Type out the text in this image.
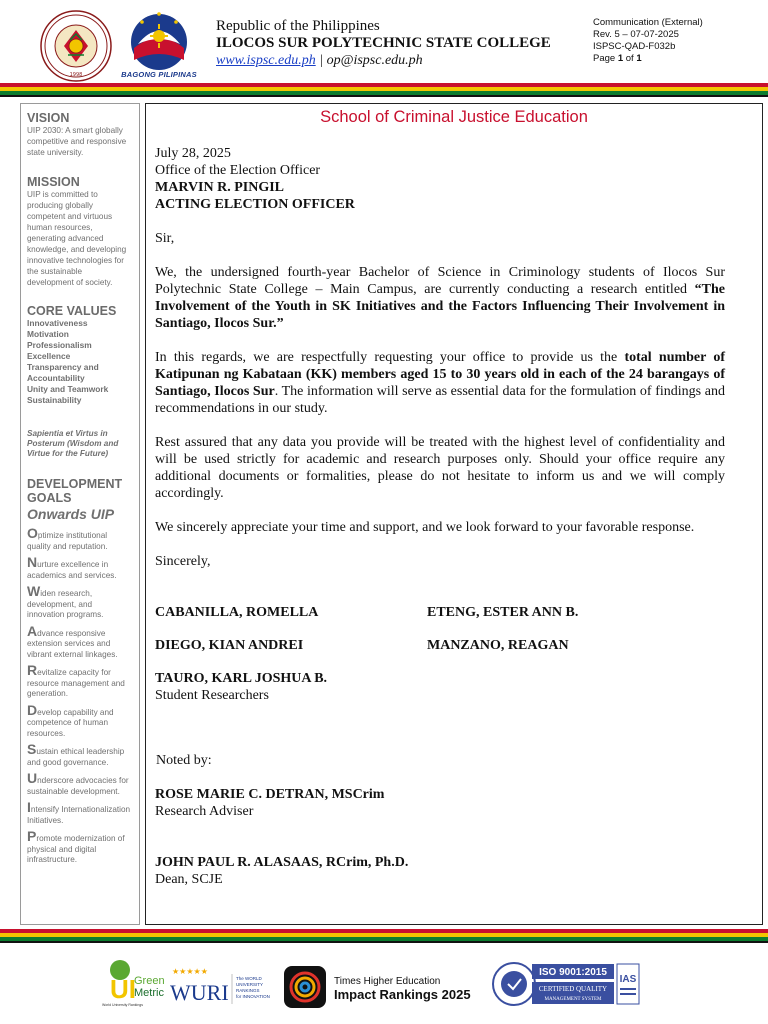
1998	BAGONG PILIPINAS
Republic of the Philippines
ILOCOS SUR POLYTECHNIC STATE COLLEGE
www.ispsc.edu.ph | op@ispsc.edu.ph
Communication (External)
Rev. 5 – 07-07-2025
ISPSC-QAD-F032b
Page 1 of 1
VISION
UIP 2030: A smart globally competitive and responsive state university.
MISSION
UIP is committed to producing globally competent and virtuous human resources, generating advanced knowledge, and developing innovative technologies for the sustainable development of society.
CORE VALUES
Innovativeness
Motivation
Professionalism
Excellence
Transparency and Accountability
Unity and Teamwork
Sustainability
Sapientia et Virtus in Posterum (Wisdom and Virtue for the Future)
DEVELOPMENT GOALS
Onwards UIP
Optimize institutional quality and reputation.
Nurture excellence in academics and services.
Widen research, development, and innovation programs.
Advance responsive extension services and vibrant external linkages.
Revitalize capacity for resource management and generation.
Develop capability and competence of human resources.
Sustain ethical leadership and good governance.
Underscore advocacies for sustainable development.
Intensify Internationalization Initiatives.
Promote modernization of physical and digital infrastructure.
School of Criminal Justice Education

July 28, 2025

Office of the Election Officer

MARVIN R. PINGIL

ACTING ELECTION OFFICER

Sir,

We, the undersigned fourth-year Bachelor of Science in Criminology students of Ilocos Sur Polytechnic State College – Main Campus, are currently conducting a research entitled “The Involvement of the Youth in SK Initiatives and the Factors Influencing Their Involvement in Santiago, Ilocos Sur.”

In this regards, we are respectfully requesting your office to provide us the total number of Katipunan ng Kabataan (KK) members aged 15 to 30 years old in each of the 24 barangays of Santiago, Ilocos Sur. The information will serve as essential data for the formulation of findings and recommendations in our study.

Rest assured that any data you provide will be treated with the highest level of confidentiality and will be used strictly for academic and research purposes only. Should your office require any additional documents or formalities, please do not hesitate to inform us and we will comply accordingly.

We sincerely appreciate your time and support, and we look forward to your favorable response.

Sincerely,

CABANILLA, ROMELLA	ETENG, ESTER ANN B.
DIEGO, KIAN ANDREI	MANZANO, REAGAN
TAURO, KARL JOSHUA B.

Student Researchers

Noted by:

ROSE MARIE C. DETRAN, MSCrim

Research Adviser

JOHN PAUL R. ALASAAS, RCrim, Ph.D.

Dean, SCJE

UI
Green
Metric
World University Rankings
★★★★★
WURI
The WORLD
UNIVERSITY
RANKINGS
for INNOVATION
Times Higher Education
Impact Rankings 2025
ISO 9001:2015
CERTIFIED QUALITY
MANAGEMENT SYSTEM
IAS
